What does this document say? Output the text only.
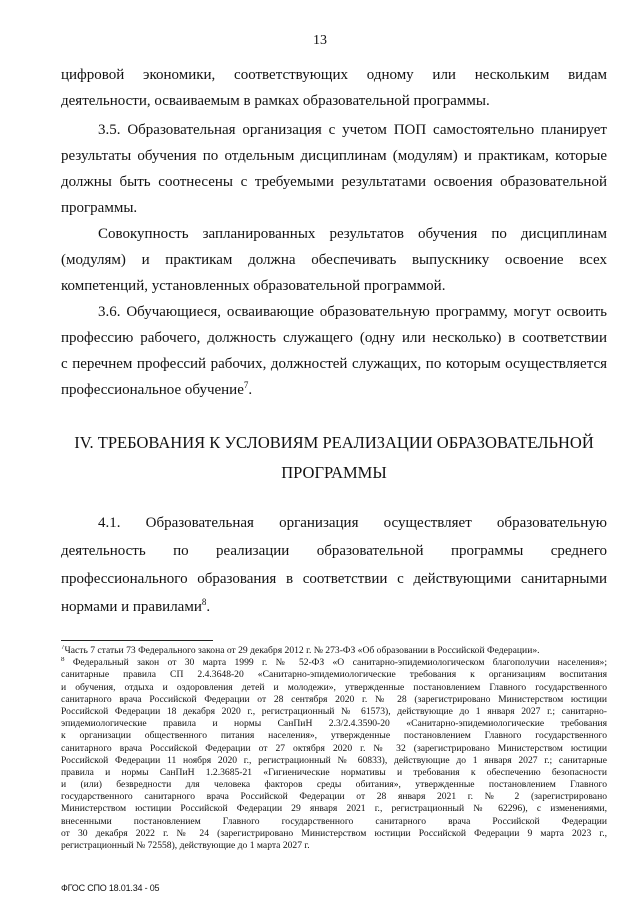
13
цифровой экономики, соответствующих одному или нескольким видам
деятельности, осваиваемым в рамках образовательной программы.
3.5. Образовательная организация с учетом ПОП самостоятельно планирует
результаты обучения по отдельным дисциплинам (модулям) и практикам, которые
должны быть соотнесены с требуемыми результатами освоения образовательной
программы.
Совокупность запланированных результатов обучения по дисциплинам
(модулям) и практикам должна обеспечивать выпускнику освоение всех
компетенций, установленных образовательной программой.
3.6. Обучающиеся, осваивающие образовательную программу, могут освоить
профессию рабочего, должность служащего (одну или несколько) в соответствии
с перечнем профессий рабочих, должностей служащих, по которым осуществляется
профессиональное обучение$^7$.
IV. ТРЕБОВАНИЯ К УСЛОВИЯМ РЕАЛИЗАЦИИ ОБРАЗОВАТЕЛЬНОЙ
ПРОГРАММЫ
4.1. Образовательная организация осуществляет образовательную
деятельность по реализации образовательной программы среднего
профессионального образования в соответствии с действующими санитарными
нормами и правилами$^8$.
$^7$Часть 7 статьи 73 Федерального закона от 29 декабря 2012 г. № 273-ФЗ «Об образовании в Российской Федерации».
$^8$ Федеральный закон от 30 марта 1999 г. № 52-ФЗ «О санитарно-эпидемиологическом благополучии населения»;
санитарные правила СП 2.4.3648-20 «Санитарно-эпидемиологические требования к организациям воспитания
и обучения, отдыха и оздоровления детей и молодежи», утвержденные постановлением Главного государственного
санитарного врача Российской Федерации от 28 сентября 2020 г. № 28 (зарегистрировано Министерством юстиции
Российской Федерации 18 декабря 2020 г., регистрационный № 61573), действующие до 1 января 2027 г.; санитарно-
эпидемиологические правила и нормы СанПиН 2.3/2.4.3590-20 «Санитарно-эпидемиологические требования
к организации общественного питания населения», утвержденные постановлением Главного государственного
санитарного врача Российской Федерации от 27 октября 2020 г. № 32 (зарегистрировано Министерством юстиции
Российской Федерации 11 ноября 2020 г., регистрационный № 60833), действующие до 1 января 2027 г.; санитарные
правила и нормы СанПиН 1.2.3685-21 «Гигиенические нормативы и требования к обеспечению безопасности
и (или) безвредности для человека факторов среды обитания», утвержденные постановлением Главного
государственного санитарного врача Российской Федерации от 28 января 2021 г. № 2 (зарегистрировано
Министерством юстиции Российской Федерации 29 января 2021 г., регистрационный № 62296), с изменениями,
внесенными постановлением Главного государственного санитарного врача Российской Федерации
от 30 декабря 2022 г. № 24 (зарегистрировано Министерством юстиции Российской Федерации 9 марта 2023 г.,
регистрационный № 72558), действующие до 1 марта 2027 г.
ФГОС СПО 18.01.34 - 05
